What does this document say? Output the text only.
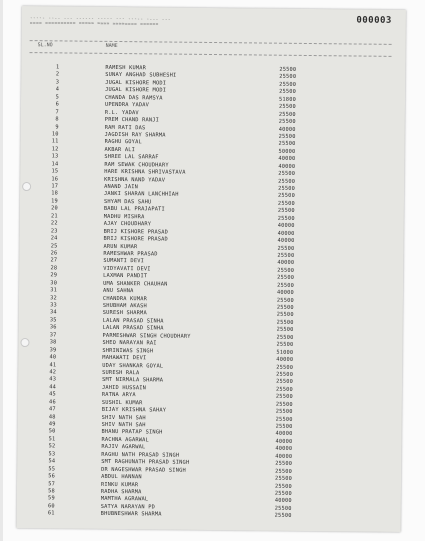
000003
----- ---- --- ------ ----- --- ----- ---- ---
==== ========== ===== ==== ======== ======
SL.NO	NAME
1	RAMESH KUMAR	25500
2	SUNAY ANGHAD SUBHESHI	25500
3	JUGAL KISHORE MODI	25500
4	JUGAL KISHORE MODI	25500
5	CHANDA DAS RAMSYA	51800
6	UPENDRA YADAV	25500
7	R.L. YADAV	25500
8	PREM CHAND RANJI	25500
9	RAM RATI DAS	40000
10	JAGDISH RAY SHARMA	25500
11	RAGHU GOYAL	25500
12	AKBAR ALI	50000
13	SHREE LAL SARRAF	40000
14	RAM SEWAK CHOUDHARY	40000
15	HARE KRISHNA SHRIVASTAVA	25500
16	KRISHNA NAND YADAV	25500
17	ANAND JAIN	25500
18	JANKI SHARAN LANCHHIAH	25500
19	SHYAM DAS SAHU	25500
20	BABU LAL PRAJAPATI	25500
21	MADHU MISHRA	25500
22	AJAY CHOUDHARY	40000
23	BRIJ KISHORE PRASAD	40000
24	BRIJ KISHORE PRASAD	40000
25	ARUN KUMAR	25500
26	RAMESHWAR PRASAD	25500
27	SUMANTI DEVI	40000
28	VIDYAVATI DEVI	25500
29	LAXMAN PANDIT	25500
30	UMA SHANKER CHAUHAN	25500
31	ANU SAHNA	40000
32	CHANDRA KUMAR	25500
33	SHUBHAM AKASH	25500
34	SURESH SHARMA	25500
35	LALAN PRASAD SINHA	25500
36	LALAN PRASAD SINHA	25500
37	PARMESHWAR SINGH CHOUDHARY	25500
38	SHEO NARAYAN RAI	25500
39	SHRINIWAS SINGH	51000
40	MAHAWATI DEVI	40000
41	UDAY SHANKAR GOYAL	25500
42	SURESH RALA	25500
43	SMT NIRMALA SHARMA	25500
44	JAHID HUSSAIN	25500
45	RATNA ARYA	25500
46	SUSHIL KUMAR	25500
47	BIJAY KRISHNA SAHAY	25500
48	SHIV NATH SAH	25500
49	SHIV NATH SAH	25500
50	BHANU PRATAP SINGH	40000
51	RACHNA AGARWAL	40000
52	RAJIV AGARWAL	40000
53	RAGHU NATH PRASAD SINGH	40000
54	SMT RAGHUNATH PRASAD SINGH	25500
55	DR NAGESHWAR PRASAD SINGH	25500
56	ABDUL HANNAN	25500
57	RINKU KUMAR	25500
58	RADHA SHARMA	25500
59	MAMTHA AGRAWAL	40000
60	SATYA NARAYAN PD	25500
61	BHUBNESHWAR SHARMA	25500
